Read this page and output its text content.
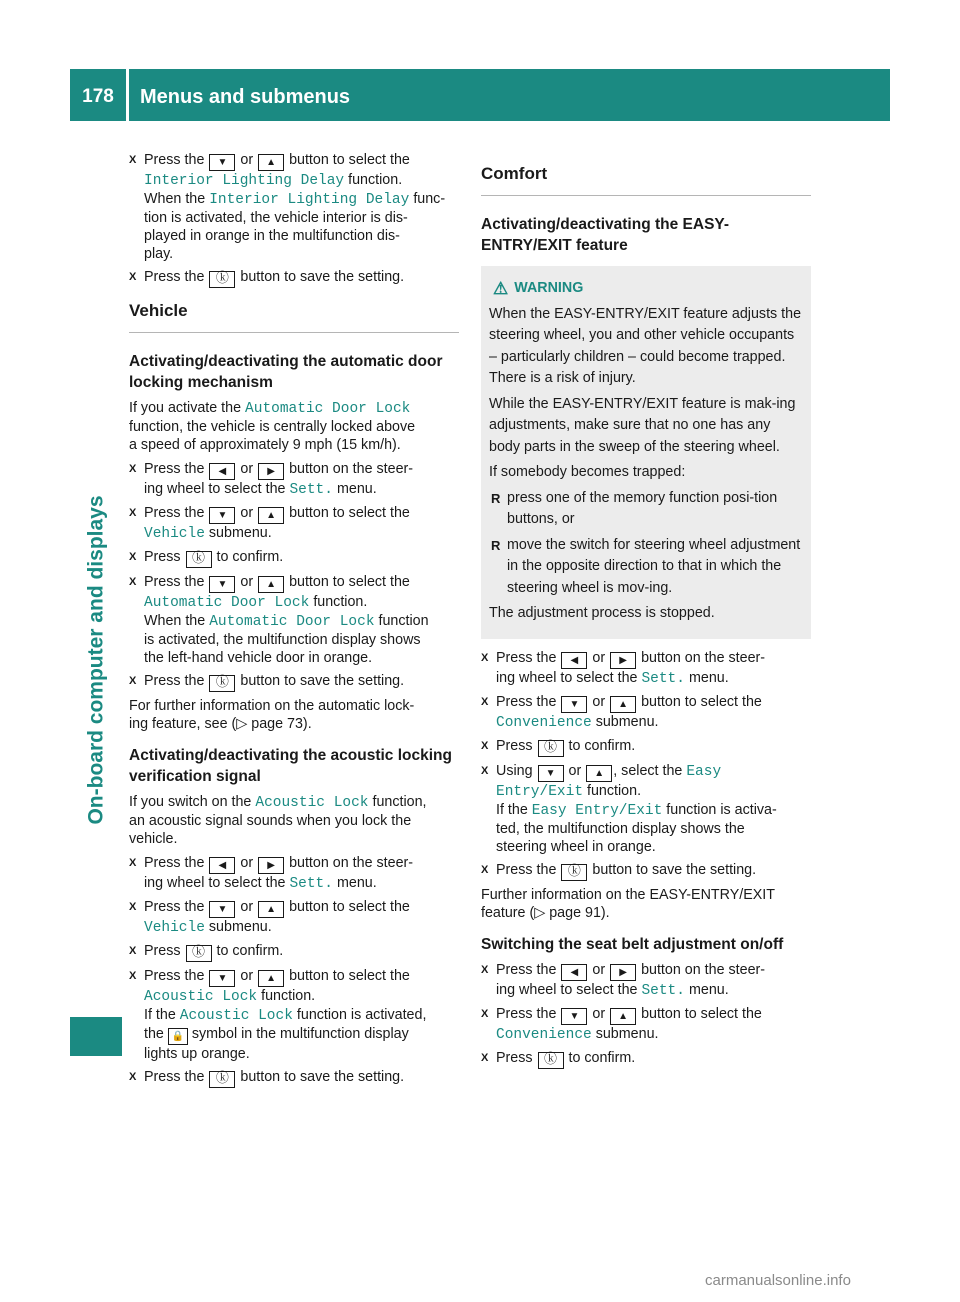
178	Menus and submenus
On-board computer and displays
X Press the ▼ or ▲ button to select the
Interior Lighting Delay function.
When the Interior Lighting Delay func-
tion is activated, the vehicle interior is dis-
played in orange in the multifunction dis-
play.
X Press the ⓚ button to save the setting.
Vehicle
Activating/deactivating the automatic door locking mechanism

If you activate the Automatic Door Lock
function, the vehicle is centrally locked above
a speed of approximately 9 mph (15 km/h).

X Press the ◀ or ▶ button on the steer-
ing wheel to select the Sett. menu.
X Press the ▼ or ▲ button to select the
Vehicle submenu.
X Press ⓚ to confirm.
X Press the ▼ or ▲ button to select the
Automatic Door Lock function.
When the Automatic Door Lock function
is activated, the multifunction display shows
the left-hand vehicle door in orange.
X Press the ⓚ button to save the setting.

For further information on the automatic lock-
ing feature, see (▷ page 73).

Activating/deactivating the acoustic locking verification signal

If you switch on the Acoustic Lock function,
an acoustic signal sounds when you lock the
vehicle.

X Press the ◀ or ▶ button on the steer-
ing wheel to select the Sett. menu.
X Press the ▼ or ▲ button to select the
Vehicle submenu.
X Press ⓚ to confirm.
X Press the ▼ or ▲ button to select the
Acoustic Lock function.
If the Acoustic Lock function is activated,
the 🔒 symbol in the multifunction display
lights up orange.
X Press the ⓚ button to save the setting.
Comfort
Activating/deactivating the EASY-ENTRY/EXIT feature
⚠ WARNING

When the EASY-ENTRY/EXIT feature adjusts the steering wheel, you and other vehicle occupants – particularly children – could become trapped. There is a risk of injury.

While the EASY-ENTRY/EXIT feature is mak-ing adjustments, make sure that no one has any body parts in the sweep of the steering wheel.

If somebody becomes trapped:

R press one of the memory function posi-tion buttons, or
R move the switch for steering wheel adjustment in the opposite direction to that in which the steering wheel is mov-ing.

The adjustment process is stopped.

X Press the ◀ or ▶ button on the steer-
ing wheel to select the Sett. menu.
X Press the ▼ or ▲ button to select the
Convenience submenu.
X Press ⓚ to confirm.
X Using ▼ or ▲ , select the Easy
Entry/Exit function.
If the Easy Entry/Exit function is activa-
ted, the multifunction display shows the
steering wheel in orange.
X Press the ⓚ button to save the setting.

Further information on the EASY-ENTRY/EXIT
feature (▷ page 91).

Switching the seat belt adjustment on/off
X Press the ◀ or ▶ button on the steer-
ing wheel to select the Sett. menu.
X Press the ▼ or ▲ button to select the
Convenience submenu.
X Press ⓚ to confirm.
carmanualsonline.info
